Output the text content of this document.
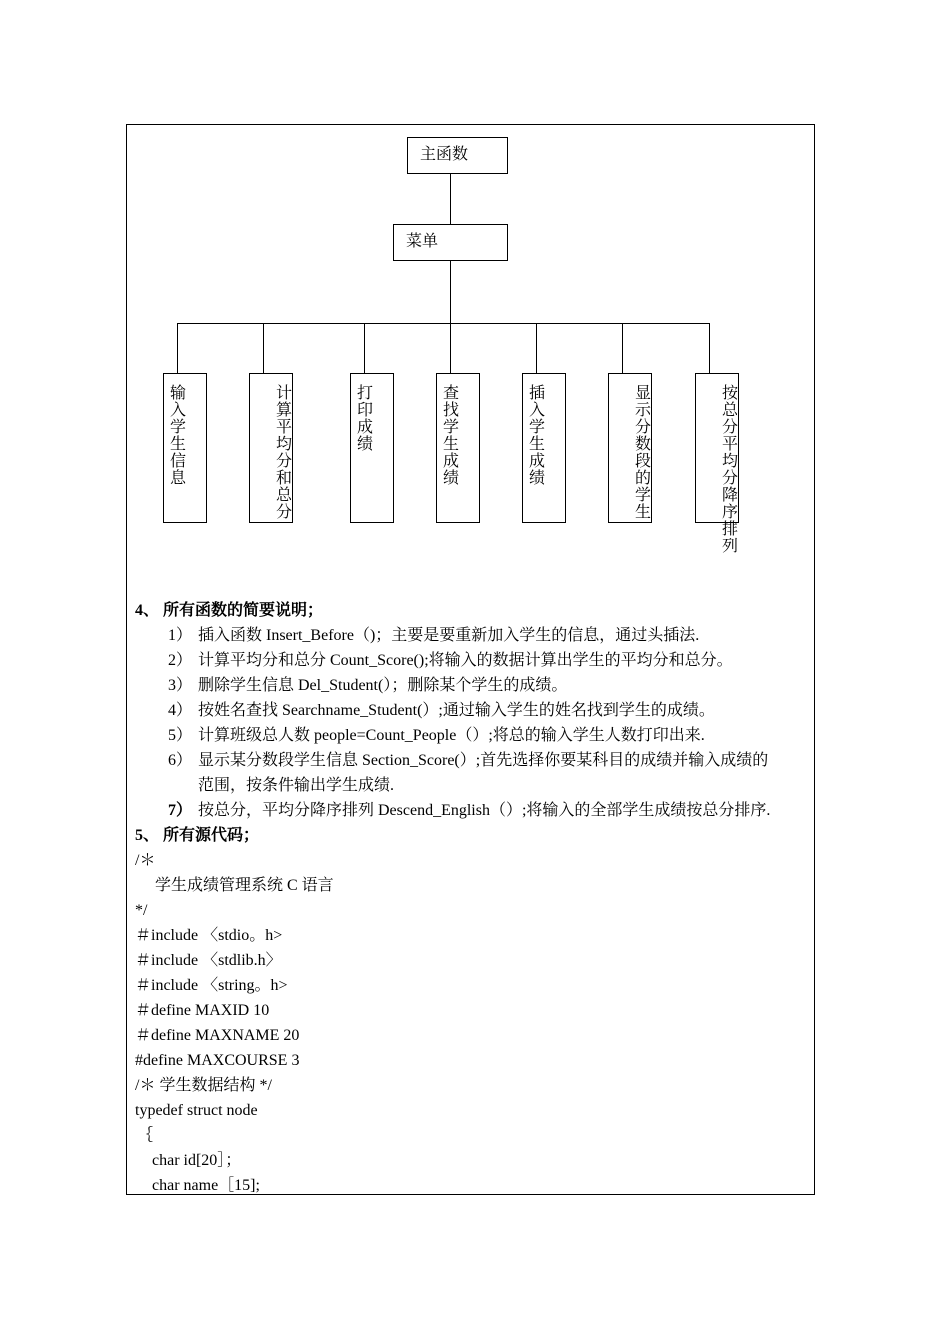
主函数
菜单
输入学生信息
计算平均分和总分
打印成绩
查找学生成绩
插入学生成绩
显示分数段的学生
按总分平均分降序排列
4、 所有函数的简要说明；
1） 插入函数 Insert_Before（)；主要是要重新加入学生的信息，通过头插法.
2） 计算平均分和总分 Count_Score();将输入的数据计算出学生的平均分和总分。
3） 删除学生信息 Del_Student(）；删除某个学生的成绩。
4） 按姓名查找 Searchname_Student(）;通过输入学生的姓名找到学生的成绩。
5） 计算班级总人数 people=Count_People（）;将总的输入学生人数打印出来.
6） 显示某分数段学生信息 Section_Score(）;首先选择你要某科目的成绩并输入成绩的
范围，按条件输出学生成绩.
7） 按总分，平均分降序排列 Descend_English（）;将输入的全部学生成绩按总分排序.
5、 所有源代码；
/＊
学生成绩管理系统 C 语言
*/
＃include 〈stdio。h>
＃include 〈stdlib.h〉
＃include 〈string。h>
＃define MAXID 10
＃define MAXNAME 20
#define MAXCOURSE 3
/＊ 学生数据结构 */
typedef struct node
｛
char id[20］；
char name［15];
